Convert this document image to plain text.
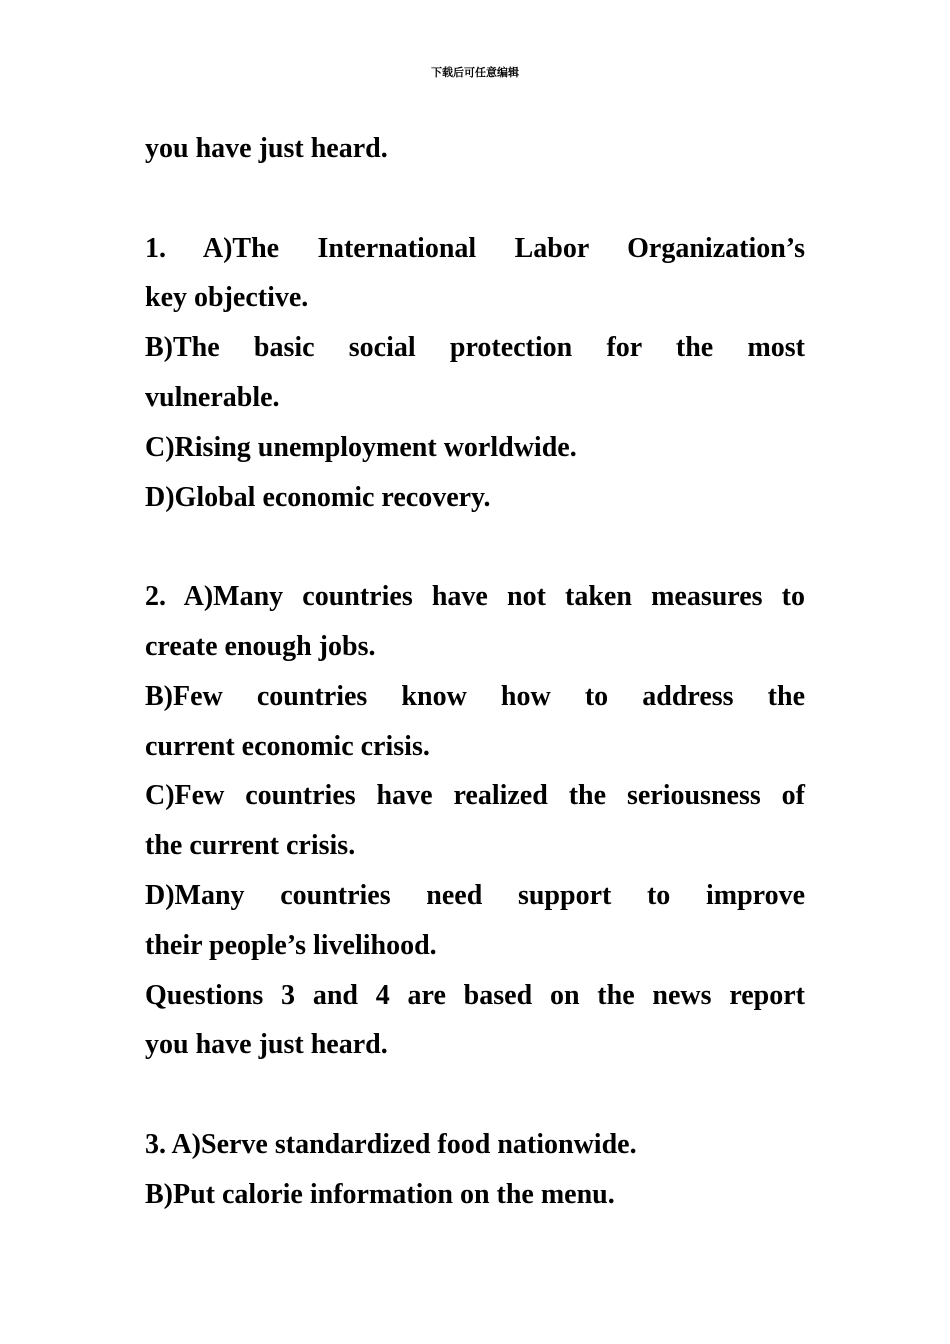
下载后可任意编辑
you have just heard.
1. A)The International Labor Organization’s
key objective.
B)The basic social protection for the most
vulnerable.
C)Rising unemployment worldwide.
D)Global economic recovery.
2. A)Many countries have not taken measures to
create enough jobs.
B)Few countries know how to address the
current economic crisis.
C)Few countries have realized the seriousness of
the current crisis.
D)Many countries need support to improve
their people’s livelihood.
Questions 3 and 4 are based on the news report
you have just heard.
3. A)Serve standardized food nationwide.
B)Put calorie information on the menu.
